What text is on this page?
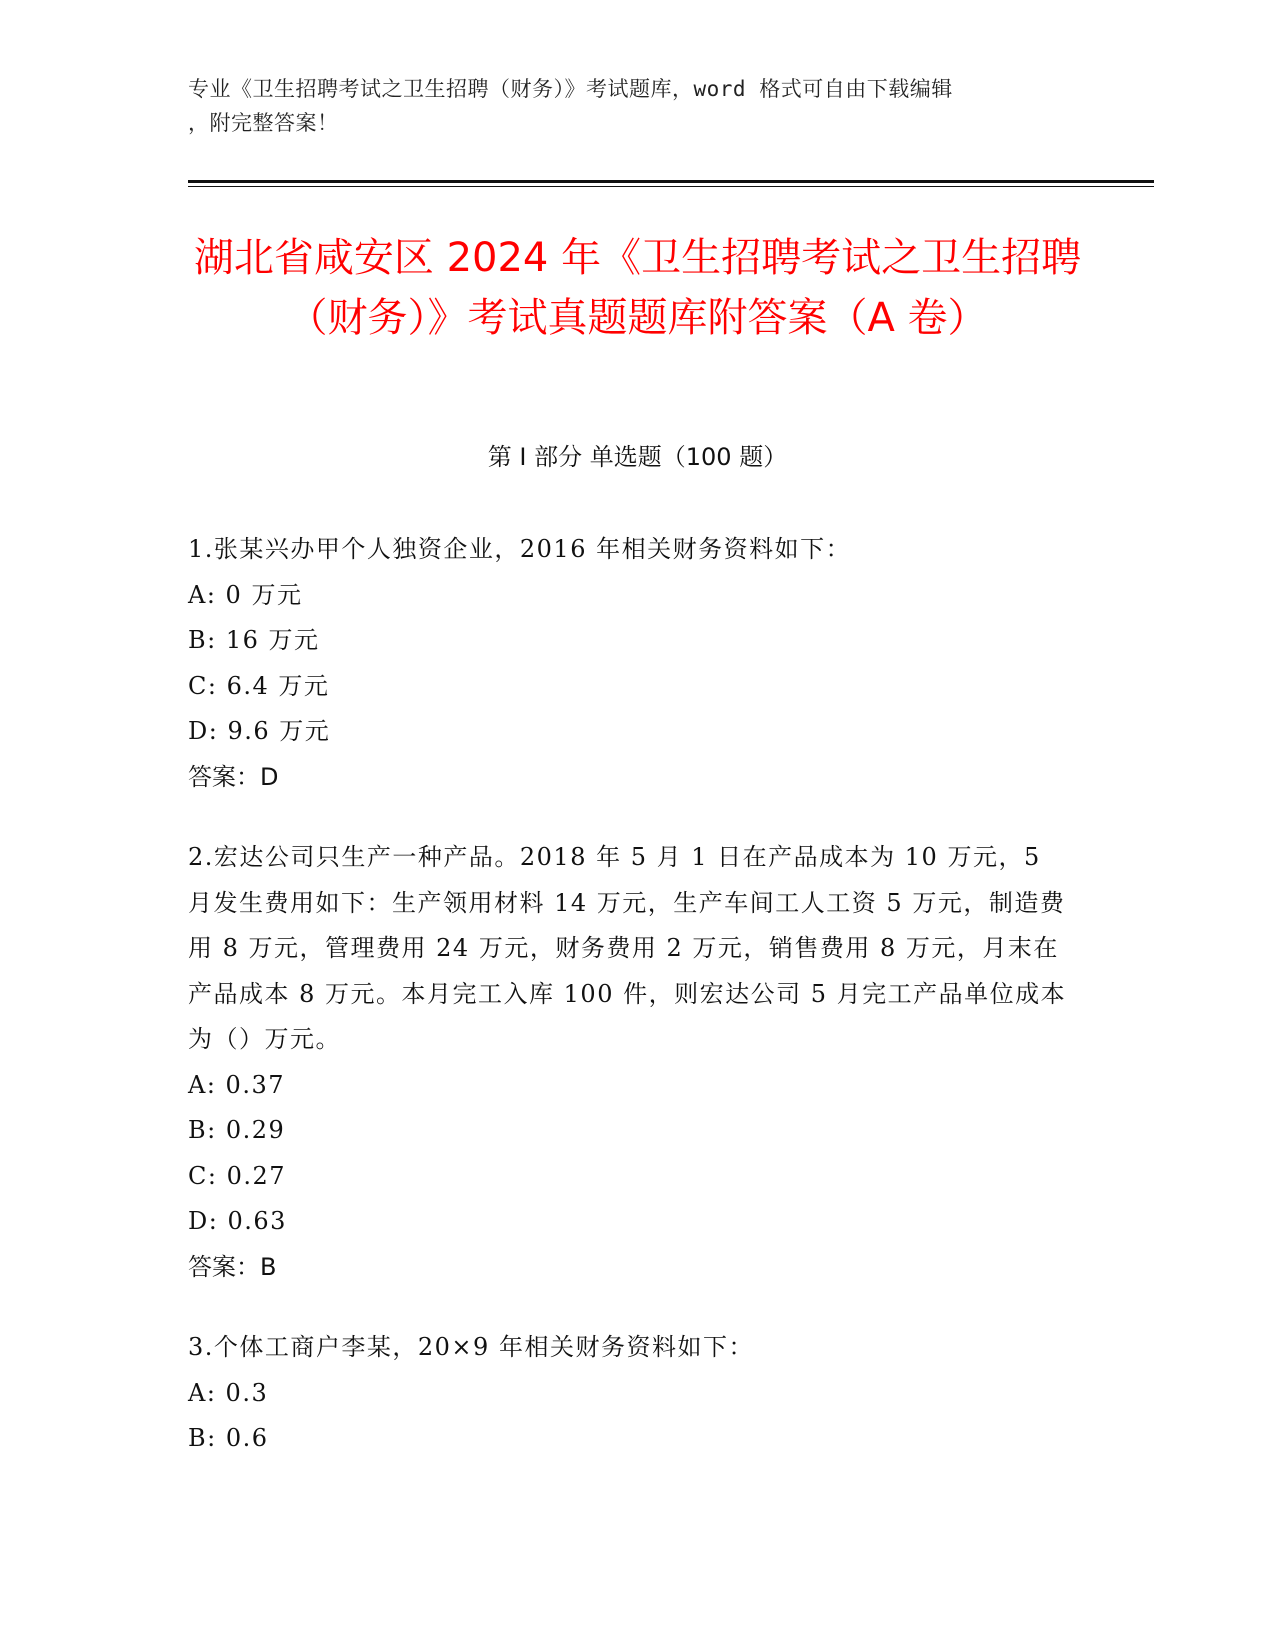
专业《卫生招聘考试之卫生招聘（财务）》考试题库，word 格式可自由下载编辑
，附完整答案！
湖北省咸安区 2024 年《卫生招聘考试之卫生招聘（财务）》考试真题题库附答案（A 卷）
第 I 部分 单选题（100 题）
1.张某兴办甲个人独资企业，2016 年相关财务资料如下：
A: 0 万元
B: 16 万元
C: 6.4 万元
D: 9.6 万元
答案：D
2.宏达公司只生产一种产品。2018 年 5 月 1 日在产品成本为 10 万元，5 月发生费用如下：生产领用材料 14 万元，生产车间工人工资 5 万元，制造费用 8 万元，管理费用 24 万元，财务费用 2 万元，销售费用 8 万元，月末在产品成本 8 万元。本月完工入库 100 件，则宏达公司 5 月完工产品单位成本为（）万元。
A: 0.37
B: 0.29
C: 0.27
D: 0.63
答案：B
3.个体工商户李某，20×9 年相关财务资料如下：
A: 0.3
B: 0.6
